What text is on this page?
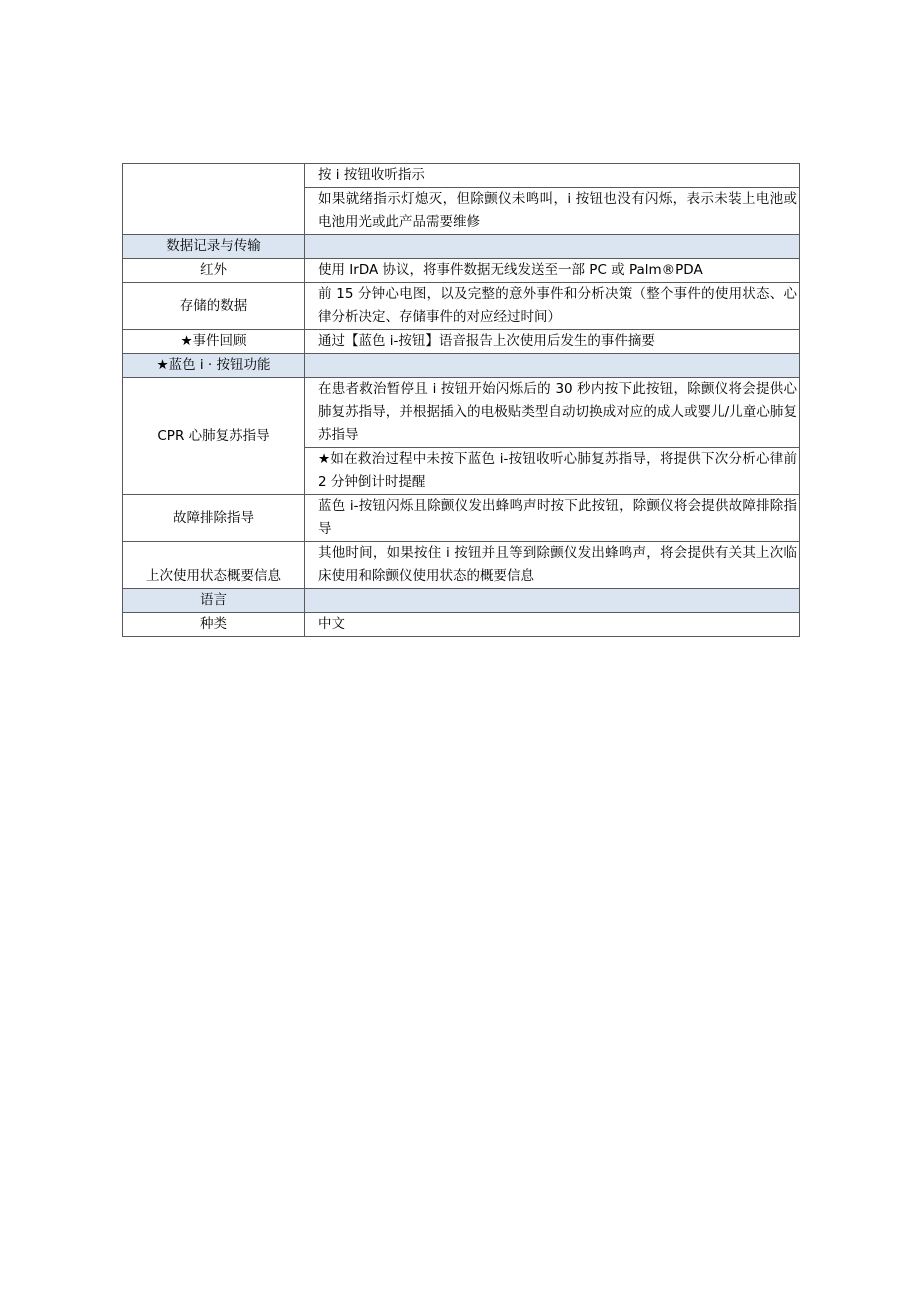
	按 i 按钮收听指示
	如果就绪指示灯熄灭，但除颤仪未鸣叫，i 按钮也没有闪烁，表示未装上电池或电池用光或此产品需要维修
数据记录与传输	
红外	使用 IrDA 协议，将事件数据无线发送至一部 PC 或 Palm®PDA
存储的数据	前 15 分钟心电图，以及完整的意外事件和分析决策（整个事件的使用状态、心律分析决定、存储事件的对应经过时间）
★事件回顾	通过【蓝色 i-按钮】语音报告上次使用后发生的事件摘要
★蓝色 i · 按钮功能	
CPR 心肺复苏指导	在患者救治暂停且 i 按钮开始闪烁后的 30 秒内按下此按钮，除颤仪将会提供心肺复苏指导，并根据插入的电极贴类型自动切换成对应的成人或婴儿/儿童心肺复苏指导
	★如在救治过程中未按下蓝色 i-按钮收听心肺复苏指导，将提供下次分析心律前 2 分钟倒计时提醒
故障排除指导	蓝色 i-按钮闪烁且除颤仪发出蜂鸣声时按下此按钮，除颤仪将会提供故障排除指导
上次使用状态概要信息	其他时间，如果按住 i 按钮并且等到除颤仪发出蜂鸣声，将会提供有关其上次临床使用和除颤仪使用状态的概要信息
语言	
种类	中文
